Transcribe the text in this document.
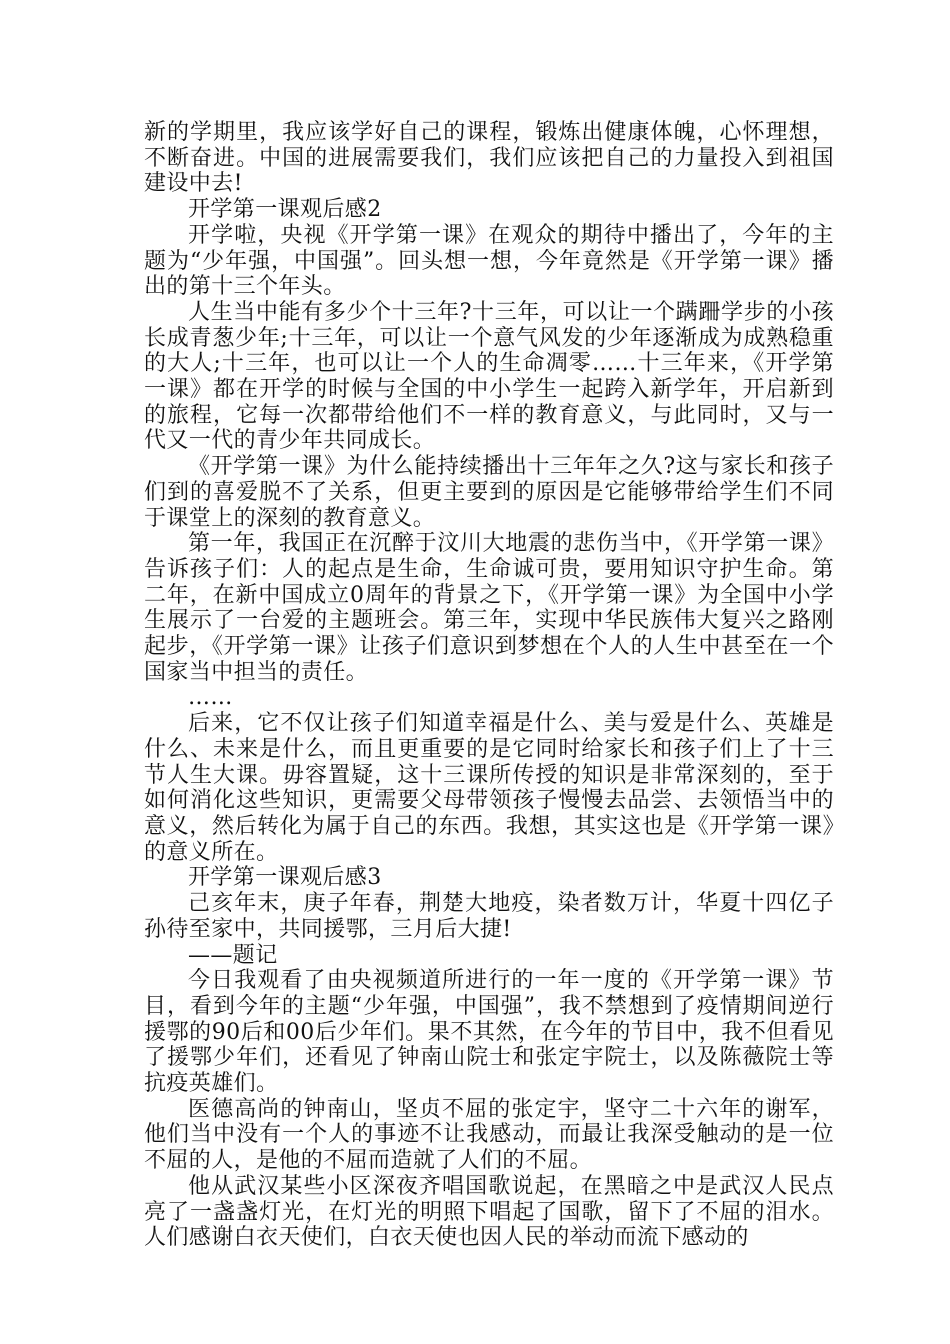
新的学期里，我应该学好自己的课程，锻炼出健康体魄，心怀理想，不断奋进。中国的进展需要我们，我们应该把自己的力量投入到祖国建设中去!

开学第一课观后感2

开学啦，央视《开学第一课》在观众的期待中播出了，今年的主题为“少年强，中国强”。回头想一想，今年竟然是《开学第一课》播出的第十三个年头。

人生当中能有多少个十三年?十三年，可以让一个蹒跚学步的小孩长成青葱少年;十三年，可以让一个意气风发的少年逐渐成为成熟稳重的大人;十三年，也可以让一个人的生命凋零……十三年来，《开学第一课》都在开学的时候与全国的中小学生一起跨入新学年，开启新到的旅程，它每一次都带给他们不一样的教育意义，与此同时，又与一代又一代的青少年共同成长。

《开学第一课》为什么能持续播出十三年年之久?这与家长和孩子们到的喜爱脱不了关系，但更主要到的原因是它能够带给学生们不同于课堂上的深刻的教育意义。

第一年，我国正在沉醉于汶川大地震的悲伤当中，《开学第一课》告诉孩子们：人的起点是生命，生命诚可贵，要用知识守护生命。第二年，在新中国成立0周年的背景之下，《开学第一课》为全国中小学生展示了一台爱的主题班会。第三年，实现中华民族伟大复兴之路刚起步，《开学第一课》让孩子们意识到梦想在个人的人生中甚至在一个国家当中担当的责任。

……

后来，它不仅让孩子们知道幸福是什么、美与爱是什么、英雄是什么、未来是什么，而且更重要的是它同时给家长和孩子们上了十三节人生大课。毋容置疑，这十三课所传授的知识是非常深刻的，至于如何消化这些知识，更需要父母带领孩子慢慢去品尝、去领悟当中的意义，然后转化为属于自己的东西。我想，其实这也是《开学第一课》的意义所在。

开学第一课观后感3

己亥年末，庚子年春，荆楚大地疫，染者数万计，华夏十四亿子孙待至家中，共同援鄂，三月后大捷!

——题记

今日我观看了由央视频道所进行的一年一度的《开学第一课》节目，看到今年的主题“少年强，中国强”，我不禁想到了疫情期间逆行援鄂的90后和00后少年们。果不其然，在今年的节目中，我不但看见了援鄂少年们，还看见了钟南山院士和张定宇院士，以及陈薇院士等抗疫英雄们。

医德高尚的钟南山，坚贞不屈的张定宇，坚守二十六年的谢军，他们当中没有一个人的事迹不让我感动，而最让我深受触动的是一位不屈的人，是他的不屈而造就了人们的不屈。

他从武汉某些小区深夜齐唱国歌说起，在黑暗之中是武汉人民点亮了一盏盏灯光，在灯光的明照下唱起了国歌，留下了不屈的泪水。人们感谢白衣天使们，白衣天使也因人民的举动而流下感动的
